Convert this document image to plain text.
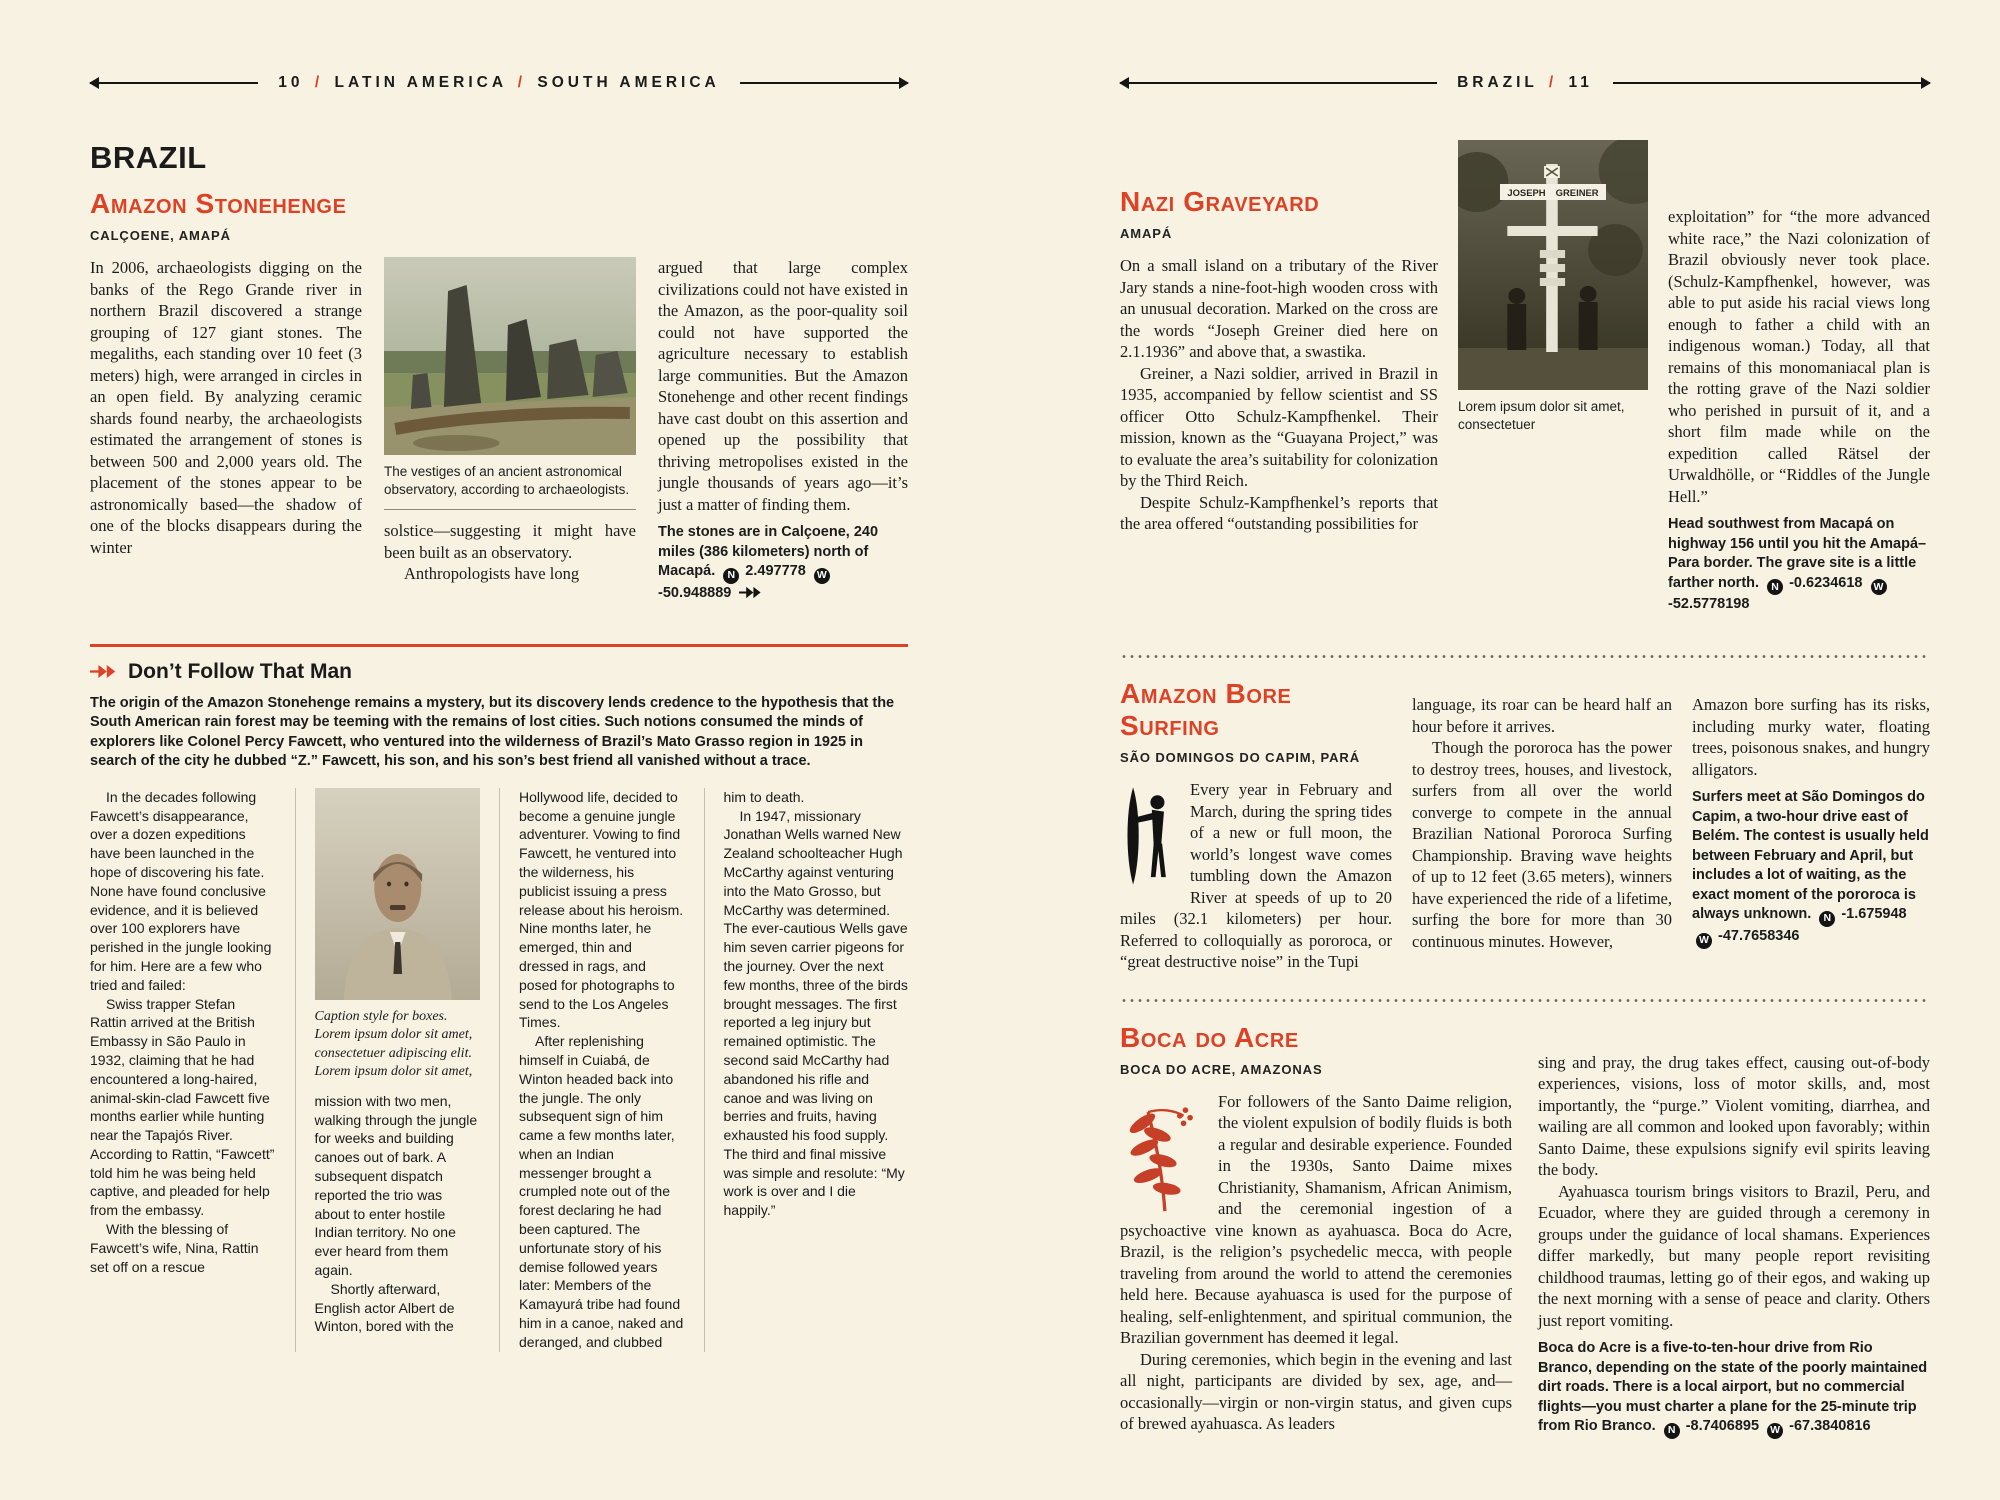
10 / LATIN AMERICA / SOUTH AMERICA
BRAZIL
Amazon Stonehenge
CALÇOENE, AMAPÁ

In 2006, archaeologists digging on the banks of the Rego Grande river in northern Brazil discovered a strange grouping of 127 giant stones. The megaliths, each standing over 10 feet (3 meters) high, were arranged in circles in an open field. By analyzing ceramic shards found nearby, the archaeologists estimated the arrangement of stones is between 500 and 2,000 years old. The placement of the stones appear to be astronomically based—the shadow of one of the blocks disappears during the winter

The vestiges of an ancient astronomical observatory, according to archaeologists.

solstice—suggesting it might have been built as an observatory.

Anthropologists have long

argued that large complex civilizations could not have existed in the Amazon, as the poor-quality soil could not have supported the agriculture necessary to establish large communities. But the Amazon Stonehenge and other recent findings have cast doubt on this assertion and opened up the possibility that thriving metropolises existed in the jungle thousands of years ago—it’s just a matter of finding them.

The stones are in Calçoene, 240 miles (386 kilometers) north of Macapá. N 2.497778 W -50.948889

Don’t Follow That Man

The origin of the Amazon Stonehenge remains a mystery, but its discovery lends credence to the hypothesis that the South American rain forest may be teeming with the remains of lost cities. Such notions consumed the minds of explorers like Colonel Percy Fawcett, who ventured into the wilderness of Brazil’s Mato Grasso region in 1925 in search of the city he dubbed “Z.” Fawcett, his son, and his son’s best friend all vanished without a trace.

In the decades following Fawcett’s disappearance, over a dozen expeditions have been launched in the hope of discovering his fate. None have found conclusive evidence, and it is believed over 100 explorers have perished in the jungle looking for him. Here are a few who tried and failed:

Swiss trapper Stefan Rattin arrived at the British Embassy in São Paulo in 1932, claiming that he had encountered a long-haired, animal-skin-clad Fawcett five months earlier while hunting near the Tapajós River. According to Rattin, “Fawcett” told him he was being held captive, and pleaded for help from the embassy.

With the blessing of Fawcett’s wife, Nina, Rattin set off on a rescue

Caption style for boxes. Lorem ipsum dolor sit amet, consectetuer adipiscing elit. Lorem ipsum dolor sit amet,

mission with two men, walking through the jungle for weeks and building canoes out of bark. A subsequent dispatch reported the trio was about to enter hostile Indian territory. No one ever heard from them again.

Shortly afterward, English actor Albert de Winton, bored with the

Hollywood life, decided to become a genuine jungle adventurer. Vowing to find Fawcett, he ventured into the wilderness, his publicist issuing a press release about his heroism. Nine months later, he emerged, thin and dressed in rags, and posed for photographs to send to the Los Angeles Times.

After replenishing himself in Cuiabá, de Winton headed back into the jungle. The only subsequent sign of him came a few months later, when an Indian messenger brought a crumpled note out of the forest declaring he had been captured. The unfortunate story of his demise followed years later: Members of the Kamayurá tribe had found him in a canoe, naked and deranged, and clubbed

him to death.

In 1947, missionary Jonathan Wells warned New Zealand schoolteacher Hugh McCarthy against venturing into the Mato Grosso, but McCarthy was determined. The ever-cautious Wells gave him seven carrier pigeons for the journey. Over the next few months, three of the birds brought messages. The first reported a leg injury but remained optimistic. The second said McCarthy had abandoned his rifle and canoe and was living on berries and fruits, having exhausted his food supply. The third and final missive was simple and resolute: “My work is over and I die happily.”

BRAZIL / 11
Nazi Graveyard
AMAPÁ

On a small island on a tributary of the River Jary stands a nine-foot-high wooden cross with an unusual decoration. Marked on the cross are the words “Joseph Greiner died here on 2.1.1936” and above that, a swastika.

Greiner, a Nazi soldier, arrived in Brazil in 1935, accompanied by fellow scientist and SS officer Otto Schulz-Kampfhenkel. Their mission, known as the “Guayana Project,” was to evaluate the area’s suitability for colonization by the Third Reich.

Despite Schulz-Kampfhenkel’s reports that the area offered “outstanding possibilities for

JOSEPH GREINER
Lorem ipsum dolor sit amet, consectetuer

exploitation” for “the more advanced white race,” the Nazi colonization of Brazil obviously never took place. (Schulz-Kampfhenkel, however, was able to put aside his racial views long enough to father a child with an indigenous woman.) Today, all that remains of this monomaniacal plan is the rotting grave of the Nazi soldier who perished in pursuit of it, and a short film made while on the expedition called Rätsel der Urwaldhölle, or “Riddles of the Jungle Hell.”

Head southwest from Macapá on highway 156 until you hit the Amapá–Para border. The grave site is a little farther north. N -0.6234618 W -52.5778198

Amazon Bore Surfing
SÃO DOMINGOS DO CAPIM, PARÁ

Every year in February and March, during the spring tides of a new or full moon, the world’s longest wave comes tumbling down the Amazon River at speeds of up to 20 miles (32.1 kilometers) per hour. Referred to colloquially as pororoca, or “great destructive noise” in the Tupi

language, its roar can be heard half an hour before it arrives.

Though the pororoca has the power to destroy trees, houses, and livestock, surfers from all over the world converge to compete in the annual Brazilian National Pororoca Surfing Championship. Braving wave heights of up to 12 feet (3.65 meters), winners have experienced the ride of a lifetime, surfing the bore for more than 30 continuous minutes. However,

Amazon bore surfing has its risks, including murky water, floating trees, poisonous snakes, and hungry alligators.

Surfers meet at São Domingos do Capim, a two-hour drive east of Belém. The contest is usually held between February and April, but includes a lot of waiting, as the exact moment of the pororoca is always unknown. N -1.675948 W -47.7658346

Boca do Acre
BOCA DO ACRE, AMAZONAS

For followers of the Santo Daime religion, the violent expulsion of bodily fluids is both a regular and desirable experience. Founded in the 1930s, Santo Daime mixes Christianity, Shamanism, African Animism, and the ceremonial ingestion of a psychoactive vine known as ayahuasca. Boca do Acre, Brazil, is the religion’s psychedelic mecca, with people traveling from around the world to attend the ceremonies held here. Because ayahuasca is used for the purpose of healing, self-enlightenment, and spiritual communion, the Brazilian government has deemed it legal.

During ceremonies, which begin in the evening and last all night, participants are divided by sex, age, and—occasionally—virgin or non-virgin status, and given cups of brewed ayahuasca. As leaders

sing and pray, the drug takes effect, causing out-of-body experiences, visions, loss of motor skills, and, most importantly, the “purge.” Violent vomiting, diarrhea, and wailing are all common and looked upon favorably; within Santo Daime, these expulsions signify evil spirits leaving the body.

Ayahuasca tourism brings visitors to Brazil, Peru, and Ecuador, where they are guided through a ceremony in groups under the guidance of local shamans. Experiences differ markedly, but many people report revisiting childhood traumas, letting go of their egos, and waking up the next morning with a sense of peace and clarity. Others just report vomiting.

Boca do Acre is a five-to-ten-hour drive from Rio Branco, depending on the state of the poorly maintained dirt roads. There is a local airport, but no commercial flights—you must charter a plane for the 25-minute trip from Rio Branco. N -8.7406895 W -67.3840816
